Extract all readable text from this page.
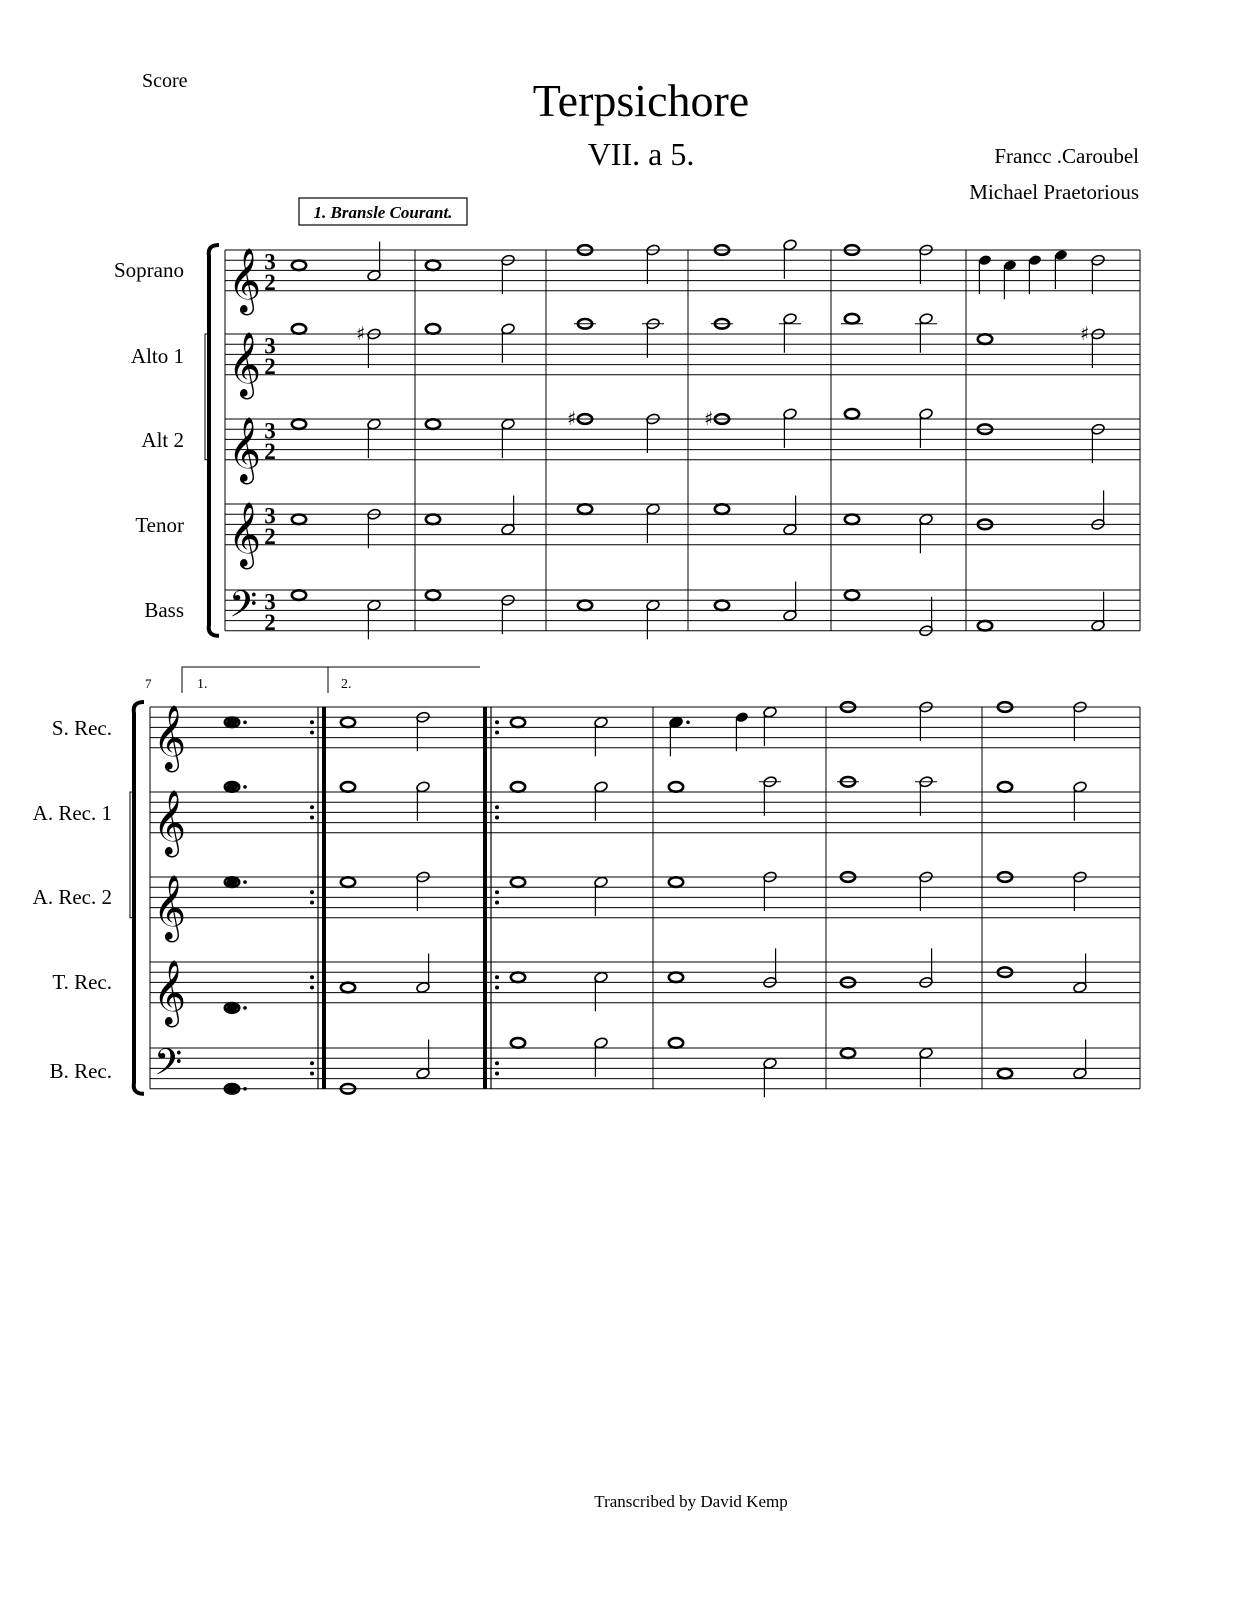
Score	Terpsichore
VII. a 5.	Francc .Caroubel
Michael Praetorious
Soprano
Alto 1
Alt 2
Tenor
Bass
S. Rec.
A. Rec. 1
A. Rec. 2
T. Rec.
B. Rec.
Transcribed by David Kemp
1. Bransle Courant.
7	1.	2.
𝄞 3
2
𝄞 3
2
𝄞 3
2
𝄞 3
2
𝄢 3
2
𝄞
𝄞
𝄞
𝄞
𝄢
♯	♯
♯	♯
